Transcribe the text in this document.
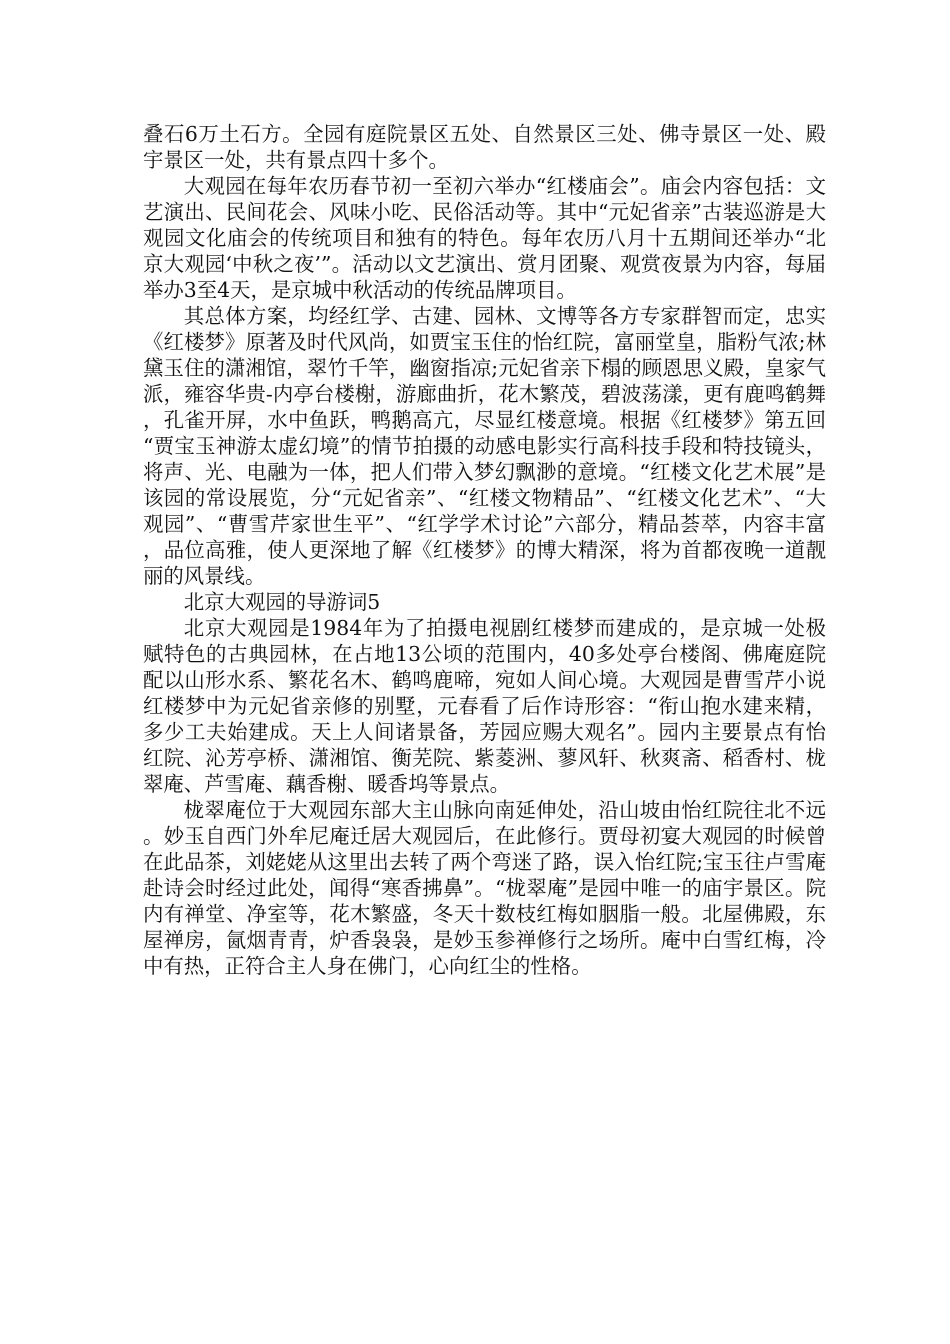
叠石6万土石方。全园有庭院景区五处、自然景区三处、佛寺景区一处、殿宇景区一处，共有景点四十多个。

大观园在每年农历春节初一至初六举办“红楼庙会”。庙会内容包括：文艺演出、民间花会、风味小吃、民俗活动等。其中“元妃省亲”古装巡游是大观园文化庙会的传统项目和独有的特色。每年农历八月十五期间还举办“北京大观园‘中秋之夜’”。活动以文艺演出、赏月团聚、观赏夜景为内容，每届举办3至4天，是京城中秋活动的传统品牌项目。

其总体方案，均经红学、古建、园林、文博等各方专家群智而定，忠实《红楼梦》原著及时代风尚，如贾宝玉住的怡红院，富丽堂皇，脂粉气浓;林黛玉住的潇湘馆，翠竹千竿，幽窗指凉;元妃省亲下榻的顾恩思义殿，皇家气派，雍容华贵-内亭台楼榭，游廊曲折，花木繁茂，碧波荡漾，更有鹿鸣鹤舞，孔雀开屏，水中鱼跃，鸭鹅高亢，尽显红楼意境。根据《红楼梦》第五回“贾宝玉神游太虚幻境”的情节拍摄的动感电影实行高科技手段和特技镜头，将声、光、电融为一体，把人们带入梦幻飘渺的意境。“红楼文化艺术展”是该园的常设展览，分“元妃省亲”、“红楼文物精品”、“红楼文化艺术”、“大观园”、“曹雪芹家世生平”、“红学学术讨论”六部分，精品荟萃，内容丰富，品位高雅，使人更深地了解《红楼梦》的博大精深，将为首都夜晚一道靓丽的风景线。

北京大观园的导游词5

北京大观园是1984年为了拍摄电视剧红楼梦而建成的，是京城一处极赋特色的古典园林，在占地13公顷的范围内，40多处亭台楼阁、佛庵庭院配以山形水系、繁花名木、鹤鸣鹿啼，宛如人间心境。大观园是曹雪芹小说红楼梦中为元妃省亲修的别墅，元春看了后作诗形容：“衔山抱水建来精，多少工夫始建成。天上人间诸景备，芳园应赐大观名”。园内主要景点有怡红院、沁芳亭桥、潇湘馆、衡芜院、紫菱洲、蓼风轩、秋爽斋、稻香村、栊翠庵、芦雪庵、藕香榭、暖香坞等景点。

栊翠庵位于大观园东部大主山脉向南延伸处，沿山坡由怡红院往北不远。妙玉自西门外牟尼庵迁居大观园后，在此修行。贾母初宴大观园的时候曾在此品茶，刘姥姥从这里出去转了两个弯迷了路，误入怡红院;宝玉往卢雪庵赴诗会时经过此处，闻得“寒香拂鼻”。“栊翠庵”是园中唯一的庙宇景区。院内有禅堂、净室等，花木繁盛，冬天十数枝红梅如胭脂一般。北屋佛殿，东屋禅房，氤烟青青，炉香袅袅，是妙玉参禅修行之场所。庵中白雪红梅，冷中有热，正符合主人身在佛门，心向红尘的性格。
